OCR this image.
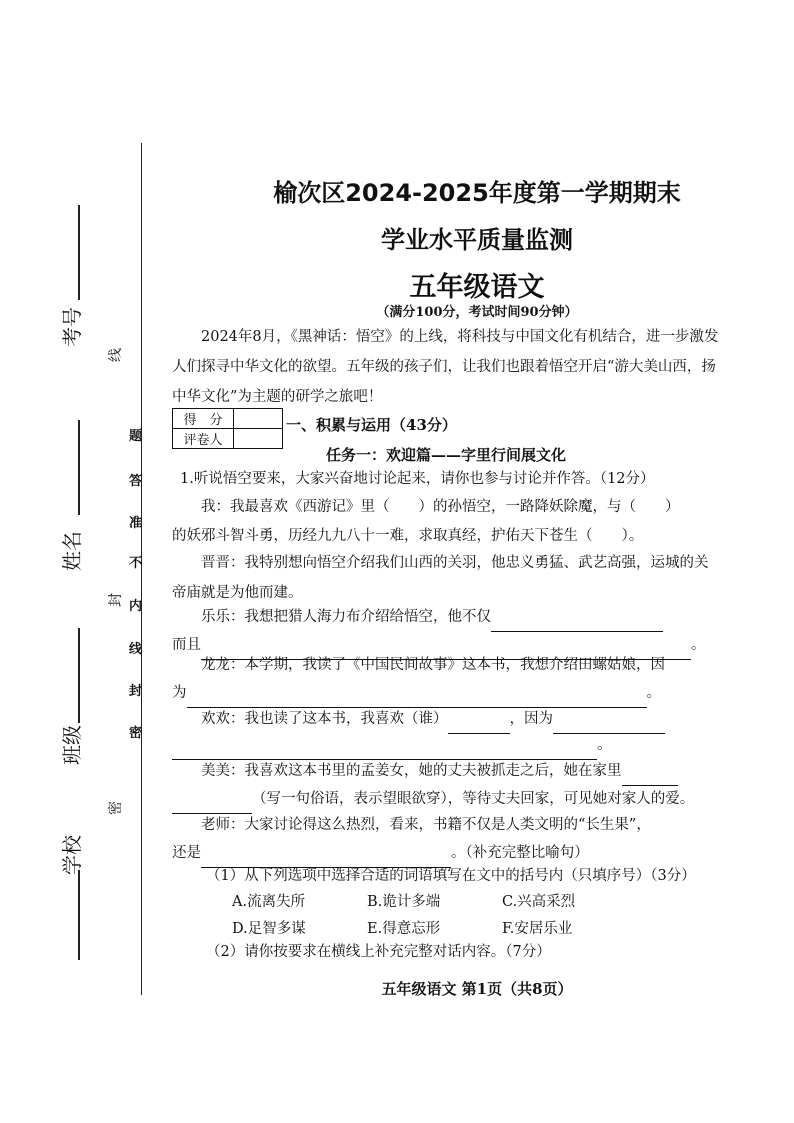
考号
姓名
班级
学校
线
封
密
题
答
准
不
内
线
封
密
榆次区2024-2025年度第一学期期末
学业水平质量监测
五年级语文
（满分100分，考试时间90分钟）
2024年8月，《黑神话：悟空》的上线，将科技与中国文化有机结合，进一步激发人们探寻中华文化的欲望。五年级的孩子们，让我们也跟着悟空开启“游大美山西，扬中华文化”为主题的研学之旅吧！
得　分	
评卷人	
一、积累与运用（43分）
任务一：欢迎篇——字里行间展文化
1.听说悟空要来，大家兴奋地讨论起来，请你也参与讨论并作答。（12分）
我：我最喜欢《西游记》里（　　）的孙悟空，一路降妖除魔，与（　　）
的妖邪斗智斗勇，历经九九八十一难，求取真经，护佑天下苍生（　　）。
晋晋：我特别想向悟空介绍我们山西的关羽，他忠义勇猛、武艺高强，运城的关帝庙就是为他而建。
乐乐：我想把猎人海力布介绍给悟空，他不仅
而且	。
龙龙：本学期，我读了《中国民间故事》这本书，我想介绍田螺姑娘，因
为	。
欢欢：我也读了这本书，我喜欢（谁）	，因为
。
美美：我喜欢这本书里的孟姜女，她的丈夫被抓走之后，她在家里
（写一句俗语，表示望眼欲穿），等待丈夫回家，可见她对家人的爱。
老师：大家讨论得这么热烈，看来，书籍不仅是人类文明的“长生果”，
还是	。（补充完整比喻句）
（1）从下列选项中选择合适的词语填写在文中的括号内（只填序号）（3分）
A.流离失所	B.诡计多端	C.兴高采烈
D.足智多谋	E.得意忘形	F.安居乐业
（2）请你按要求在横线上补充完整对话内容。（7分）
五年级语文 第1页（共8页）
